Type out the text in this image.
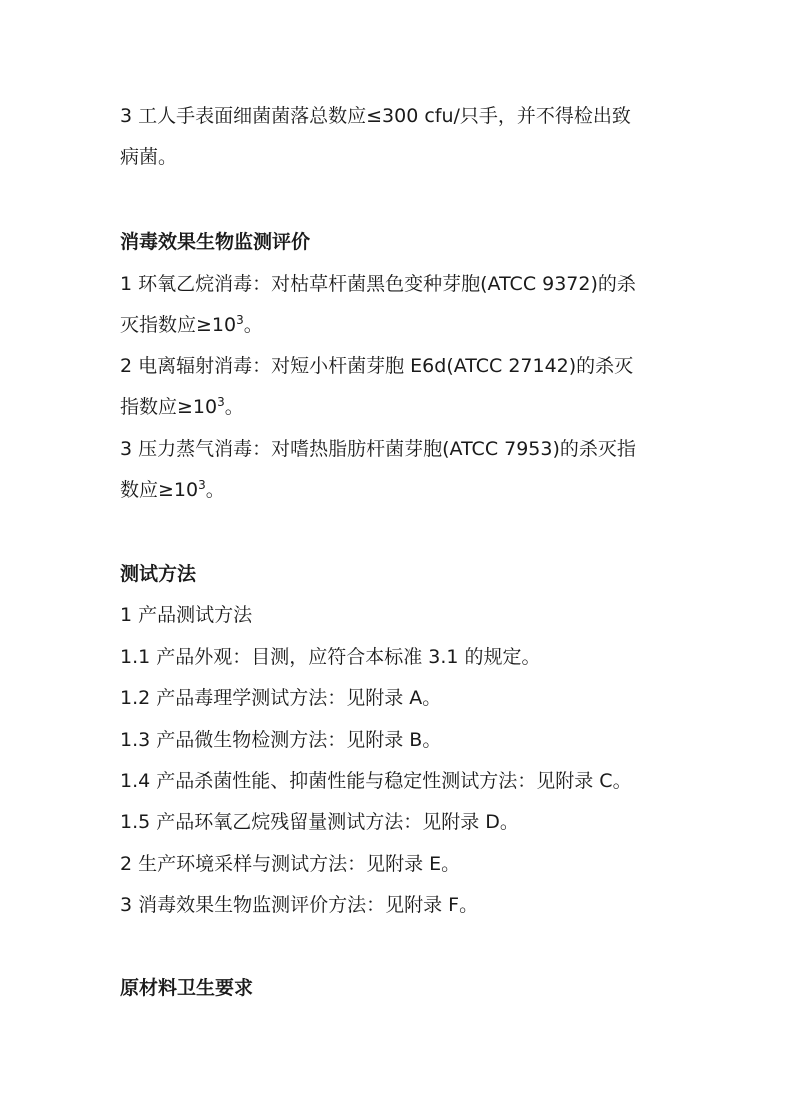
3 工人手表面细菌菌落总数应≤300 cfu/只手，并不得检出致
病菌。
消毒效果生物监测评价
1 环氧乙烷消毒：对枯草杆菌黑色变种芽胞(ATCC 9372)的杀
灭指数应$\ge 10^3$。
2 电离辐射消毒：对短小杆菌芽胞 E6d(ATCC 27142)的杀灭
指数应$\ge 10^3$。
3 压力蒸气消毒：对嗜热脂肪杆菌芽胞(ATCC 7953)的杀灭指
数应$\ge 10^3$。
测试方法
1 产品测试方法
1.1 产品外观：目测，应符合本标准 3.1 的规定。
1.2 产品毒理学测试方法：见附录 A。
1.3 产品微生物检测方法：见附录 B。
1.4 产品杀菌性能、抑菌性能与稳定性测试方法：见附录 C。
1.5 产品环氧乙烷残留量测试方法：见附录 D。
2 生产环境采样与测试方法：见附录 E。
3 消毒效果生物监测评价方法：见附录 F。
原材料卫生要求
